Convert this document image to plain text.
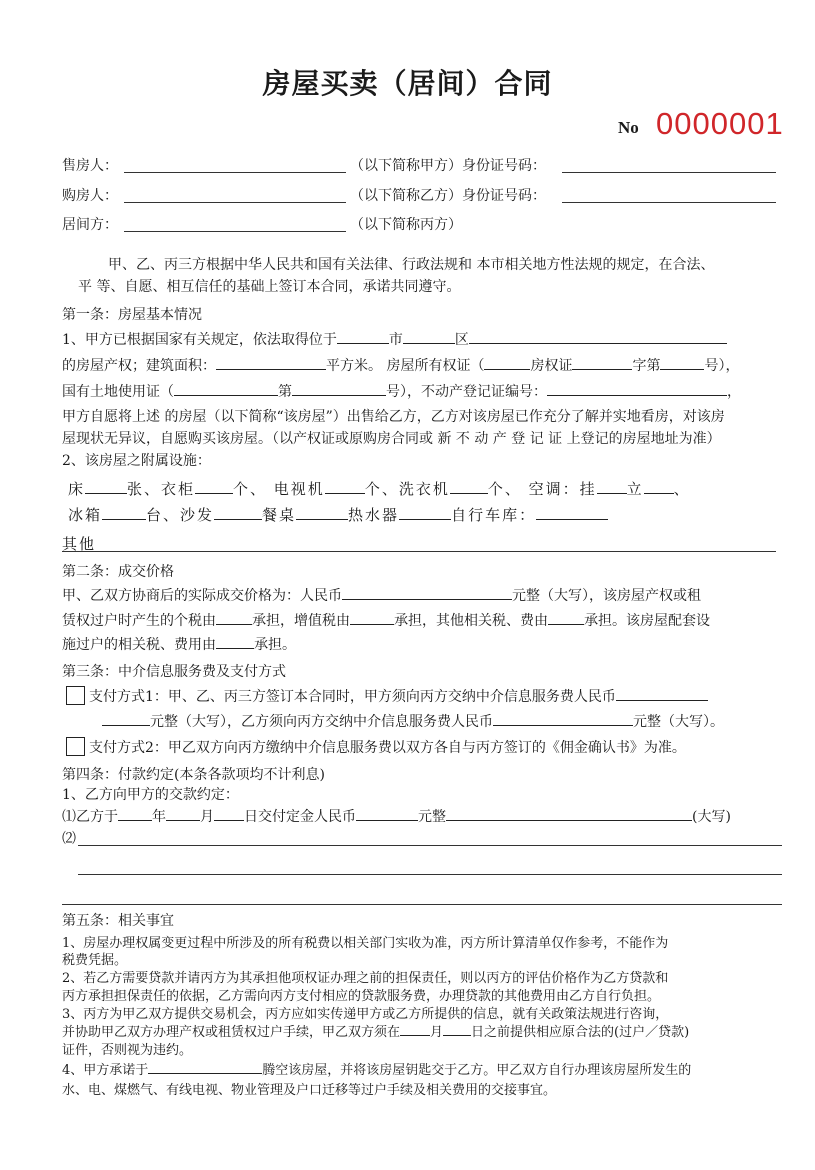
房屋买卖（居间）合同
No 0000001
售房人：	（以下简称甲方）身份证号码：
购房人：	（以下简称乙方）身份证号码：
居间方：	（以下简称丙方）
甲、乙、丙三方根据中华人民共和国有关法律、行政法规和 本市相关地方性法规的规定，在合法、
平 等、自愿、相互信任的基础上签订本合同，承诺共同遵守。
第一条：房屋基本情况
1、甲方已根据国家有关规定，依法取得位于	市	区
的房屋产权；建筑面积：	平方米。 房屋所有权证（	房权证	字第	号），
国有土地使用证（	第	号），不动产登记证编号：	，
甲方自愿将上述 的房屋（以下简称“该房屋”）出售给乙方，乙方对该房屋已作充分了解并实地看房，对该房
屋现状无异议，自愿购买该房屋。（以产权证或原购房合同或 新 不 动 产 登 记 证 上登记的房屋地址为准）
2、该房屋之附属设施：
床	张、衣柜	个、 电视机	个、洗衣机	个、 空调：挂 立 、
冰箱	台、沙发	餐桌	热水器	自行车库：
其他
第二条：成交价格
甲、乙双方协商后的实际成交价格为：人民币	元整（大写），该房屋产权或租
赁权过户时产生的个税由	承担，增值税由	承担，其他相关税、费由	承担。该房屋配套设
施过户的相关税、费用由	承担。
第三条：中介信息服务费及支付方式
支付方式1：甲、乙、丙三方签订本合同时，甲方须向丙方交纳中介信息服务费人民币
元整（大写），乙方须向丙方交纳中介信息服务费人民币	元整（大写）。
支付方式2：甲乙双方向丙方缴纳中介信息服务费以双方各自与丙方签订的《佣金确认书》为准。
第四条：付款约定(本条各款项均不计利息)
1、乙方向甲方的交款约定：
⑴乙方于 年 月 日交付定金人民币	元整	(大写)
⑵
第五条：相关事宜
1、房屋办理权属变更过程中所涉及的所有税费以相关部门实收为准，丙方所计算清单仅作参考，不能作为
税费凭据。
2、若乙方需要贷款并请丙方为其承担他项权证办理之前的担保责任，则以丙方的评估价格作为乙方贷款和
丙方承担担保责任的依据，乙方需向丙方支付相应的贷款服务费，办理贷款的其他费用由乙方自行负担。
3、丙方为甲乙双方提供交易机会，丙方应如实传递甲方或乙方所提供的信息，就有关政策法规进行咨询，
并协助甲乙双方办理产权或租赁权过户手续，甲乙双方须在 月 日之前提供相应原合法的(过户／贷款)
证件，否则视为违约。
4、甲方承诺于	腾空该房屋，并将该房屋钥匙交于乙方。甲乙双方自行办理该房屋所发生的
水、电、煤燃气、有线电视、物业管理及户口迁移等过户手续及相关费用的交接事宜。
